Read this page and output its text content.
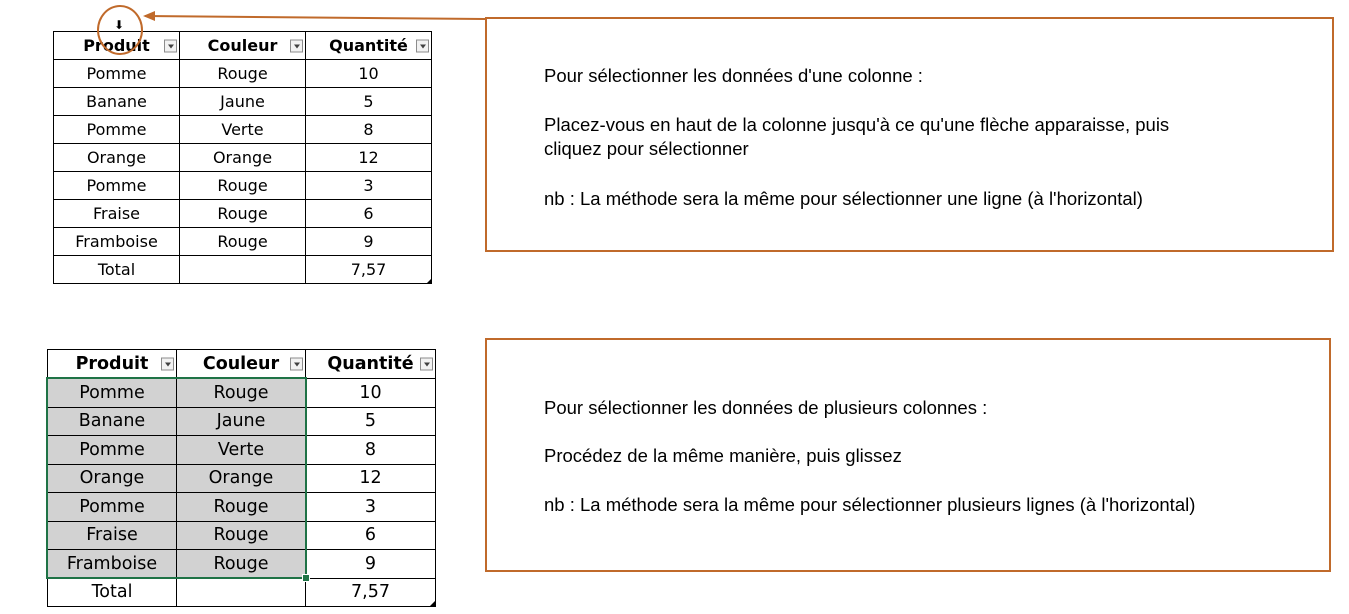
Produit	Couleur	Quantité

Pomme	Rouge	10
Banane	Jaune	5
Pomme	Verte	8
Orange	Orange	12
Pomme	Rouge	3
Fraise	Rouge	6
Framboise	Rouge	9
Total		7,57
⬇
Produit	Couleur	Quantité

Pomme	Rouge	10
Banane	Jaune	5
Pomme	Verte	8
Orange	Orange	12
Pomme	Rouge	3
Fraise	Rouge	6
Framboise	Rouge	9
Total		7,57

Pour sélectionner les données d'une colonne :

Placez-vous en haut de la colonne jusqu'à ce qu'une flèche apparaisse, puis

cliquez pour sélectionner

nb : La méthode sera la même pour sélectionner une ligne (à l'horizontal)

Pour sélectionner les données de plusieurs colonnes :

Procédez de la même manière, puis glissez

nb : La méthode sera la même pour sélectionner plusieurs lignes (à l'horizontal)
